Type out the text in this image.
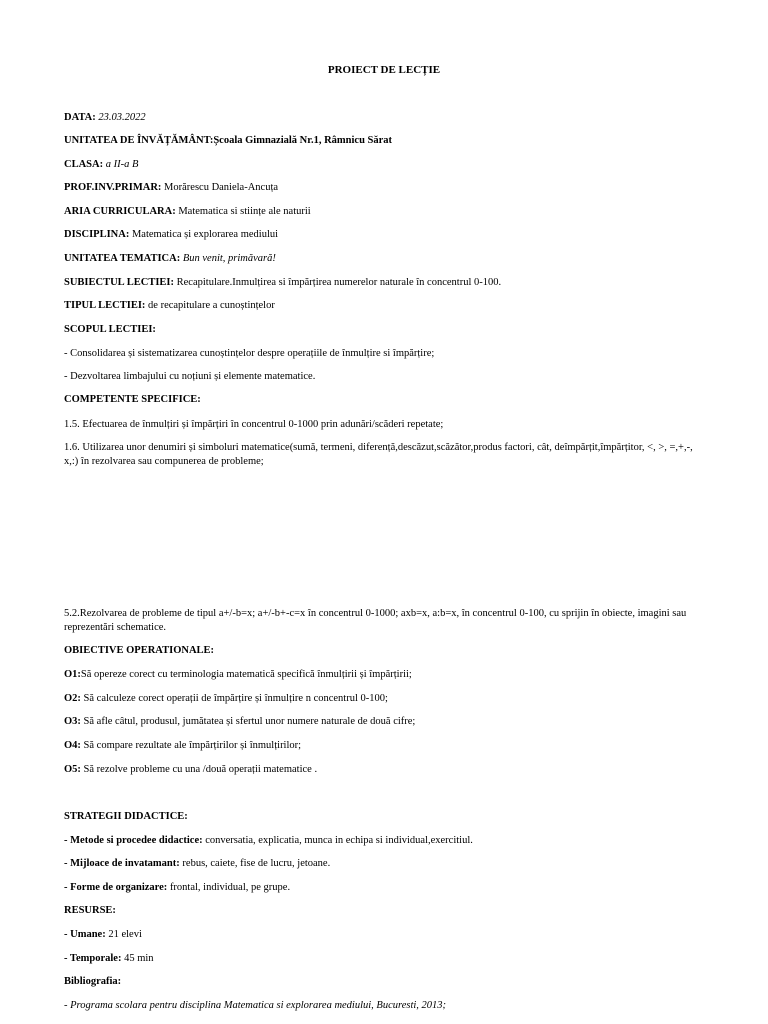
PROIECT DE LECȚIE
DATA: 23.03.2022
UNITATEA DE ÎNVĂȚĂMÂNT:Școala Gimnazială Nr.1, Râmnicu Sărat
CLASA: a II-a B
PROF.INV.PRIMAR: Morărescu Daniela-Ancuța
ARIA CURRICULARA: Matematica si stiințe ale naturii
DISCIPLINA: Matematica și explorarea mediului
UNITATEA TEMATICA: Bun venit, primăvară!
SUBIECTUL LECTIEI: Recapitulare.Inmulțirea si împărțirea numerelor naturale în concentrul 0-100.
TIPUL LECTIEI: de recapitulare a cunoștințelor
SCOPUL LECTIEI:
- Consolidarea și sistematizarea cunoștințelor despre operațiile de înmulțire si împărțire;
- Dezvoltarea limbajului cu noțiuni și elemente matematice.
COMPETENTE SPECIFICE:
1.5. Efectuarea de înmulțiri și împărțiri în concentrul 0-1000 prin adunări/scăderi repetate;
1.6. Utilizarea unor denumiri și simboluri matematice(sumă, termeni, diferență,descăzut,scăzător,produs factori, cât, deîmpărțit,împărțitor, <, >, =,+,-, x,:) în rezolvarea sau compunerea de probleme;
5.2.Rezolvarea de probleme de tipul a+/-b=x; a+/-b+-c=x în concentrul 0-1000; axb=x, a:b=x, în concentrul 0-100, cu sprijin în obiecte, imagini sau reprezentări schematice.
OBIECTIVE OPERATIONALE:
O1:Să opereze corect cu terminologia matematică specifică înmulțirii și împărțirii;
O2: Să calculeze corect operații de împărțire și înmulțire n concentrul 0-100;
O3: Să afle câtul, produsul, jumătatea și sfertul unor numere naturale de două cifre;
O4: Să compare rezultate ale împărțirilor și înmulțirilor;
O5: Să rezolve probleme cu una /două operații matematice .
STRATEGII DIDACTICE:
- Metode si procedee didactice: conversatia, explicatia, munca in echipa si individual,exercitiul.
- Mijloace de invatamant: rebus, caiete, fise de lucru, jetoane.
- Forme de organizare: frontal, individual, pe grupe.
RESURSE:
- Umane: 21 elevi
- Temporale: 45 min
Bibliografia:
- Programa scolara pentru disciplina Matematica si explorarea mediului, Bucuresti, 2013;
